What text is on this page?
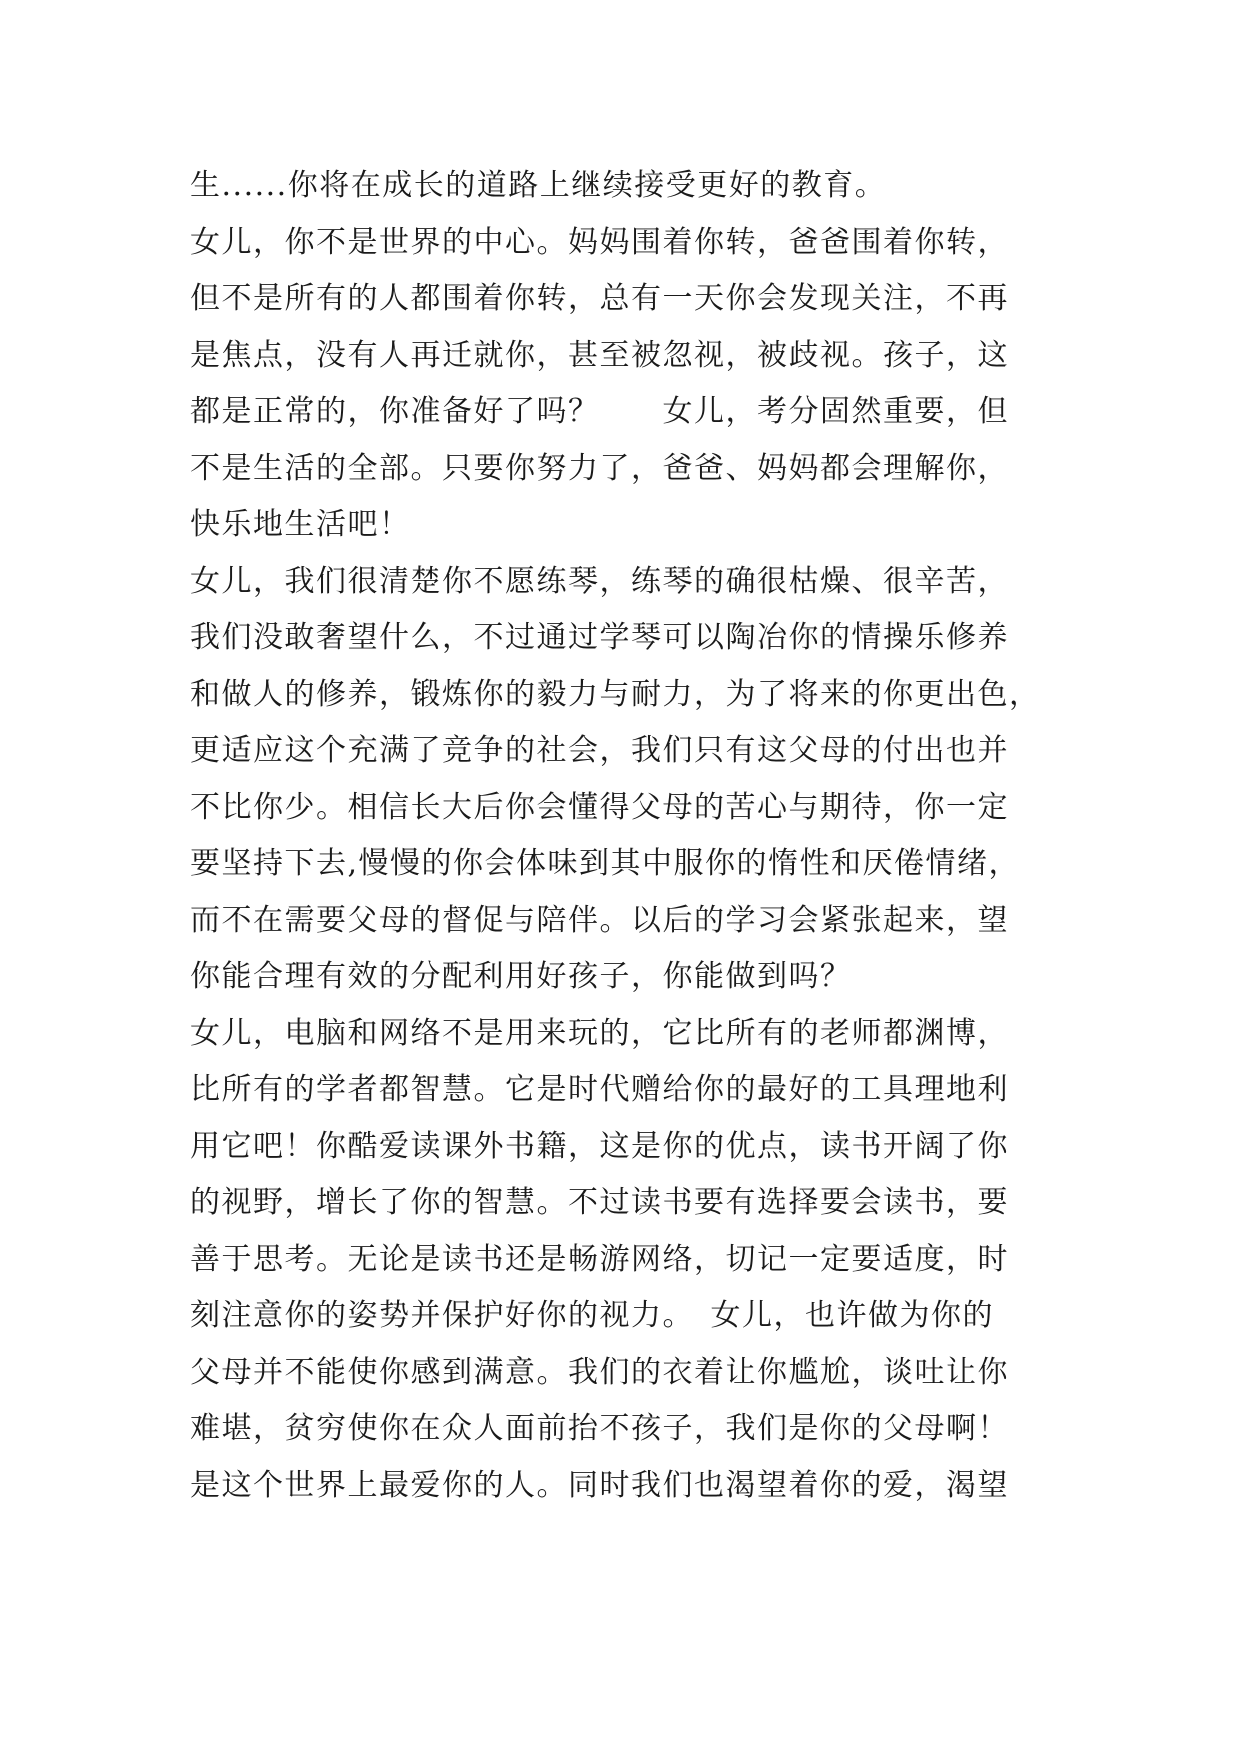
生......你将在成长的道路上继续接受更好的教育。
女儿，你不是世界的中心。妈妈围着你转，爸爸围着你转，
但不是所有的人都围着你转，总有一天你会发现关注，不再
是焦点，没有人再迁就你，甚至被忽视，被歧视。孩子，这
都是正常的，你准备好了吗？　　女儿，考分固然重要，但
不是生活的全部。只要你努力了，爸爸、妈妈都会理解你，
快乐地生活吧！
女儿，我们很清楚你不愿练琴，练琴的确很枯燥、很辛苦，
我们没敢奢望什么，不过通过学琴可以陶冶你的情操乐修养
和做人的修养，锻炼你的毅力与耐力，为了将来的你更出色，
更适应这个充满了竞争的社会，我们只有这父母的付出也并
不比你少。相信长大后你会懂得父母的苦心与期待，你一定
要坚持下去,慢慢的你会体味到其中服你的惰性和厌倦情绪，
而不在需要父母的督促与陪伴。以后的学习会紧张起来，望
你能合理有效的分配利用好孩子，你能做到吗？
女儿，电脑和网络不是用来玩的，它比所有的老师都渊博，
比所有的学者都智慧。它是时代赠给你的最好的工具理地利
用它吧！你酷爱读课外书籍，这是你的优点，读书开阔了你
的视野，增长了你的智慧。不过读书要有选择要会读书，要
善于思考。无论是读书还是畅游网络，切记一定要适度，时
刻注意你的姿势并保护好你的视力。　女儿，也许做为你的
父母并不能使你感到满意。我们的衣着让你尴尬，谈吐让你
难堪，贫穷使你在众人面前抬不孩子，我们是你的父母啊！
是这个世界上最爱你的人。同时我们也渴望着你的爱，渴望
